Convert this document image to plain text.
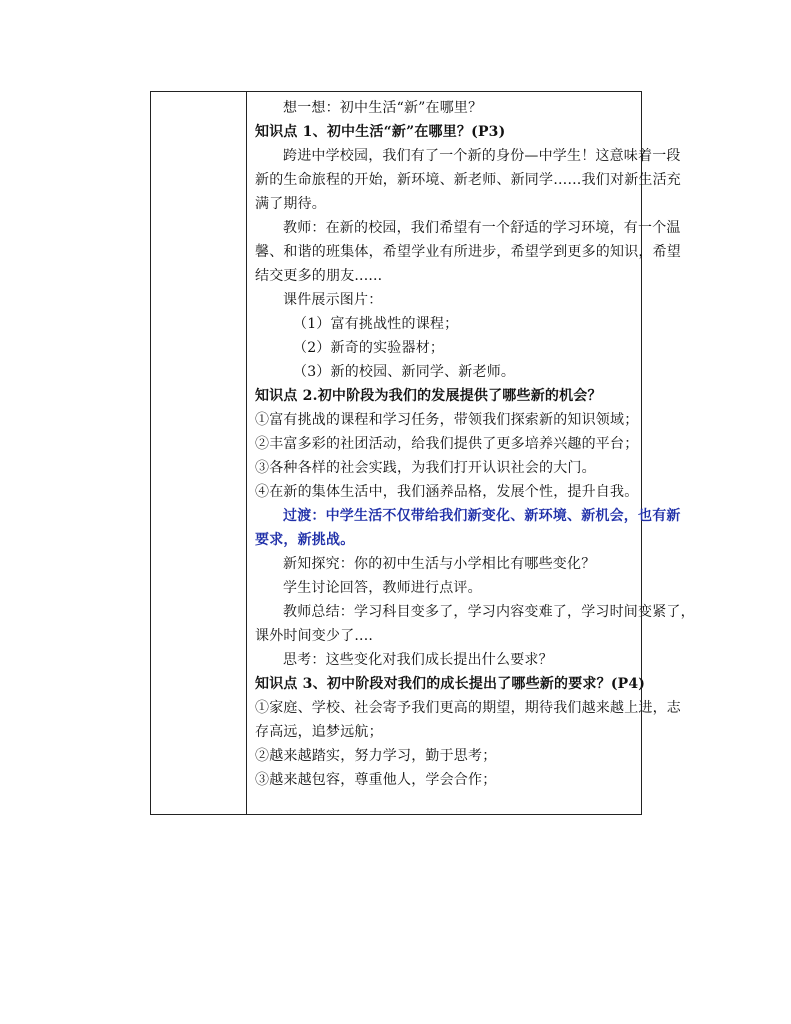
想一想：初中生活“新”在哪里？
知识点 1、初中生活“新”在哪里？(P3)
跨进中学校园，我们有了一个新的身份—中学生！这意味着一段
新的生命旅程的开始，新环境、新老师、新同学……我们对新生活充
满了期待。
教师：在新的校园，我们希望有一个舒适的学习环境，有一个温
馨、和谐的班集体，希望学业有所进步，希望学到更多的知识，希望
结交更多的朋友......
课件展示图片：
（1）富有挑战性的课程；
（2）新奇的实验器材；
（3）新的校园、新同学、新老师。
知识点 2.初中阶段为我们的发展提供了哪些新的机会？
①富有挑战的课程和学习任务，带领我们探索新的知识领域；
②丰富多彩的社团活动，给我们提供了更多培养兴趣的平台；
③各种各样的社会实践，为我们打开认识社会的大门。
④在新的集体生活中，我们涵养品格，发展个性，提升自我。
过渡：中学生活不仅带给我们新变化、新环境、新机会，也有新
要求，新挑战。
新知探究：你的初中生活与小学相比有哪些变化？
学生讨论回答，教师进行点评。
教师总结：学习科目变多了，学习内容变难了，学习时间变紧了，
课外时间变少了....
思考：这些变化对我们成长提出什么要求？
知识点 3、初中阶段对我们的成长提出了哪些新的要求？(P4)
①家庭、学校、社会寄予我们更高的期望，期待我们越来越上进，志
存高远，追梦远航；
②越来越踏实，努力学习，勤于思考；
③越来越包容，尊重他人，学会合作；
